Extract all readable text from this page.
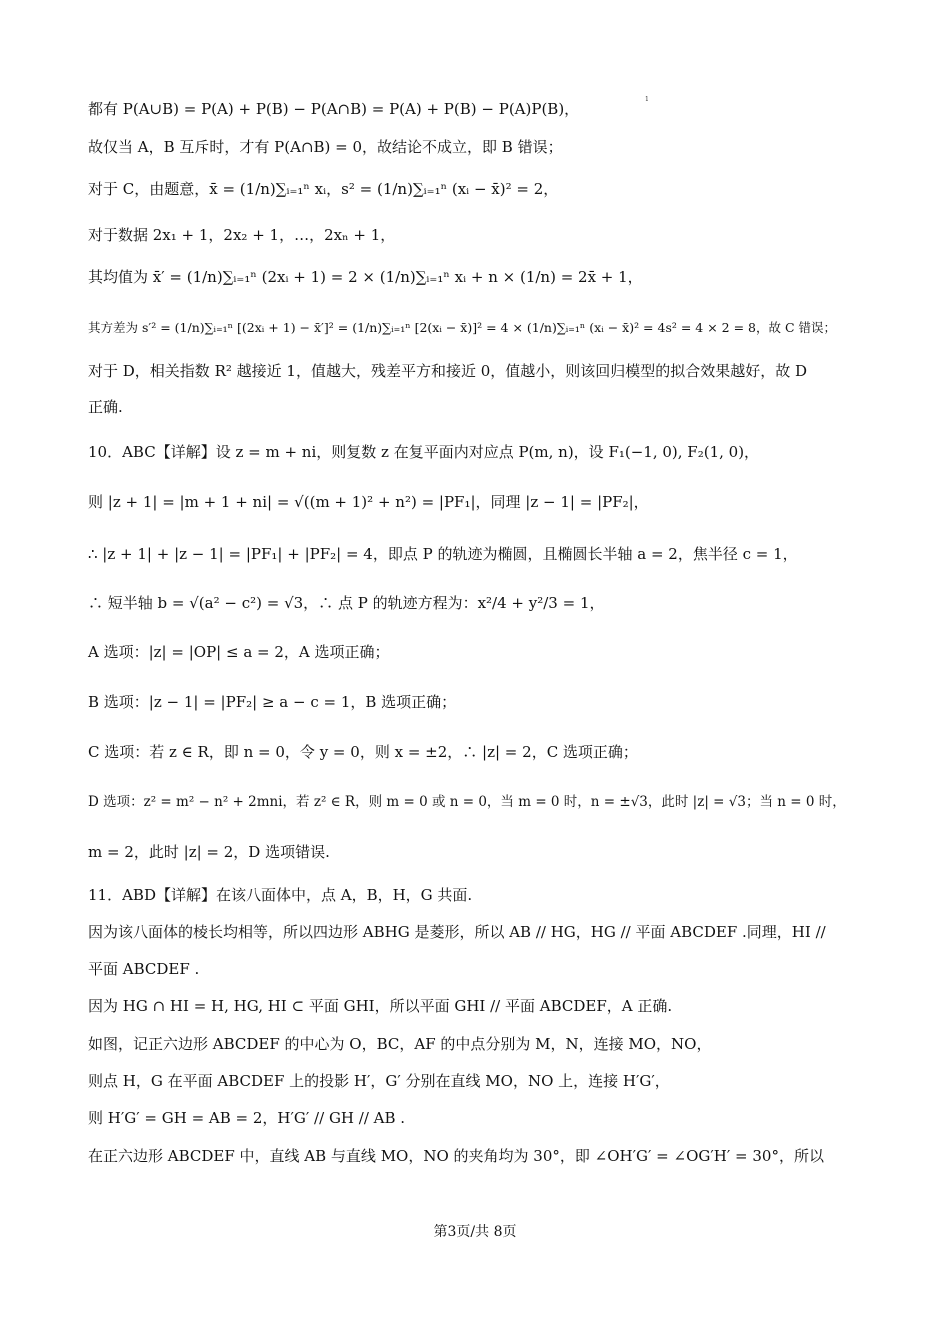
1
都有 P(A∪B) = P(A) + P(B) − P(A∩B) = P(A) + P(B) − P(A)P(B)，
故仅当 A，B 互斥时，才有 P(A∩B) = 0，故结论不成立，即 B 错误；
对于 C，由题意，x̄ = (1/n)∑ᵢ₌₁ⁿ xᵢ，s² = (1/n)∑ᵢ₌₁ⁿ (xᵢ − x̄)² = 2，
对于数据 2x₁ + 1，2x₂ + 1，…，2xₙ + 1，
其均值为 x̄′ = (1/n)∑ᵢ₌₁ⁿ (2xᵢ + 1) = 2 × (1/n)∑ᵢ₌₁ⁿ xᵢ + n × (1/n) = 2x̄ + 1，
其方差为 s′² = (1/n)∑ᵢ₌₁ⁿ [(2xᵢ + 1) − x̄′]² = (1/n)∑ᵢ₌₁ⁿ [2(xᵢ − x̄)]² = 4 × (1/n)∑ᵢ₌₁ⁿ (xᵢ − x̄)² = 4s² = 4 × 2 = 8，故 C 错误；
对于 D，相关指数 R² 越接近 1，值越大，残差平方和接近 0，值越小，则该回归模型的拟合效果越好，故 D
正确.
10．ABC【详解】设 z = m + ni，则复数 z 在复平面内对应点 P(m, n)，设 F₁(−1, 0), F₂(1, 0)，
则 |z + 1| = |m + 1 + ni| = √((m + 1)² + n²) = |PF₁|，同理 |z − 1| = |PF₂|，
∴ |z + 1| + |z − 1| = |PF₁| + |PF₂| = 4，即点 P 的轨迹为椭圆，且椭圆长半轴 a = 2，焦半径 c = 1，
∴ 短半轴 b = √(a² − c²) = √3，∴ 点 P 的轨迹方程为：x²/4 + y²/3 = 1，
A 选项：|z| = |OP| ≤ a = 2，A 选项正确；
B 选项：|z − 1| = |PF₂| ≥ a − c = 1，B 选项正确；
C 选项：若 z ∈ R，即 n = 0，令 y = 0，则 x = ±2，∴ |z| = 2，C 选项正确；
D 选项：z² = m² − n² + 2mni，若 z² ∈ R，则 m = 0 或 n = 0，当 m = 0 时，n = ±√3，此时 |z| = √3；当 n = 0 时，
m = 2，此时 |z| = 2，D 选项错误.
11．ABD【详解】在该八面体中，点 A，B，H，G 共面.
因为该八面体的棱长均相等，所以四边形 ABHG 是菱形，所以 AB // HG，HG // 平面 ABCDEF .同理，HI //
平面 ABCDEF .
因为 HG ∩ HI = H, HG, HI ⊂ 平面 GHI，所以平面 GHI // 平面 ABCDEF，A 正确.
如图，记正六边形 ABCDEF 的中心为 O，BC，AF 的中点分别为 M，N，连接 MO，NO，
则点 H，G 在平面 ABCDEF 上的投影 H′，G′ 分别在直线 MO，NO 上，连接 H′G′，
则 H′G′ = GH = AB = 2，H′G′ // GH // AB .
在正六边形 ABCDEF 中，直线 AB 与直线 MO，NO 的夹角均为 30°，即 ∠OH′G′ = ∠OG′H′ = 30°，所以
第3页/共 8页
